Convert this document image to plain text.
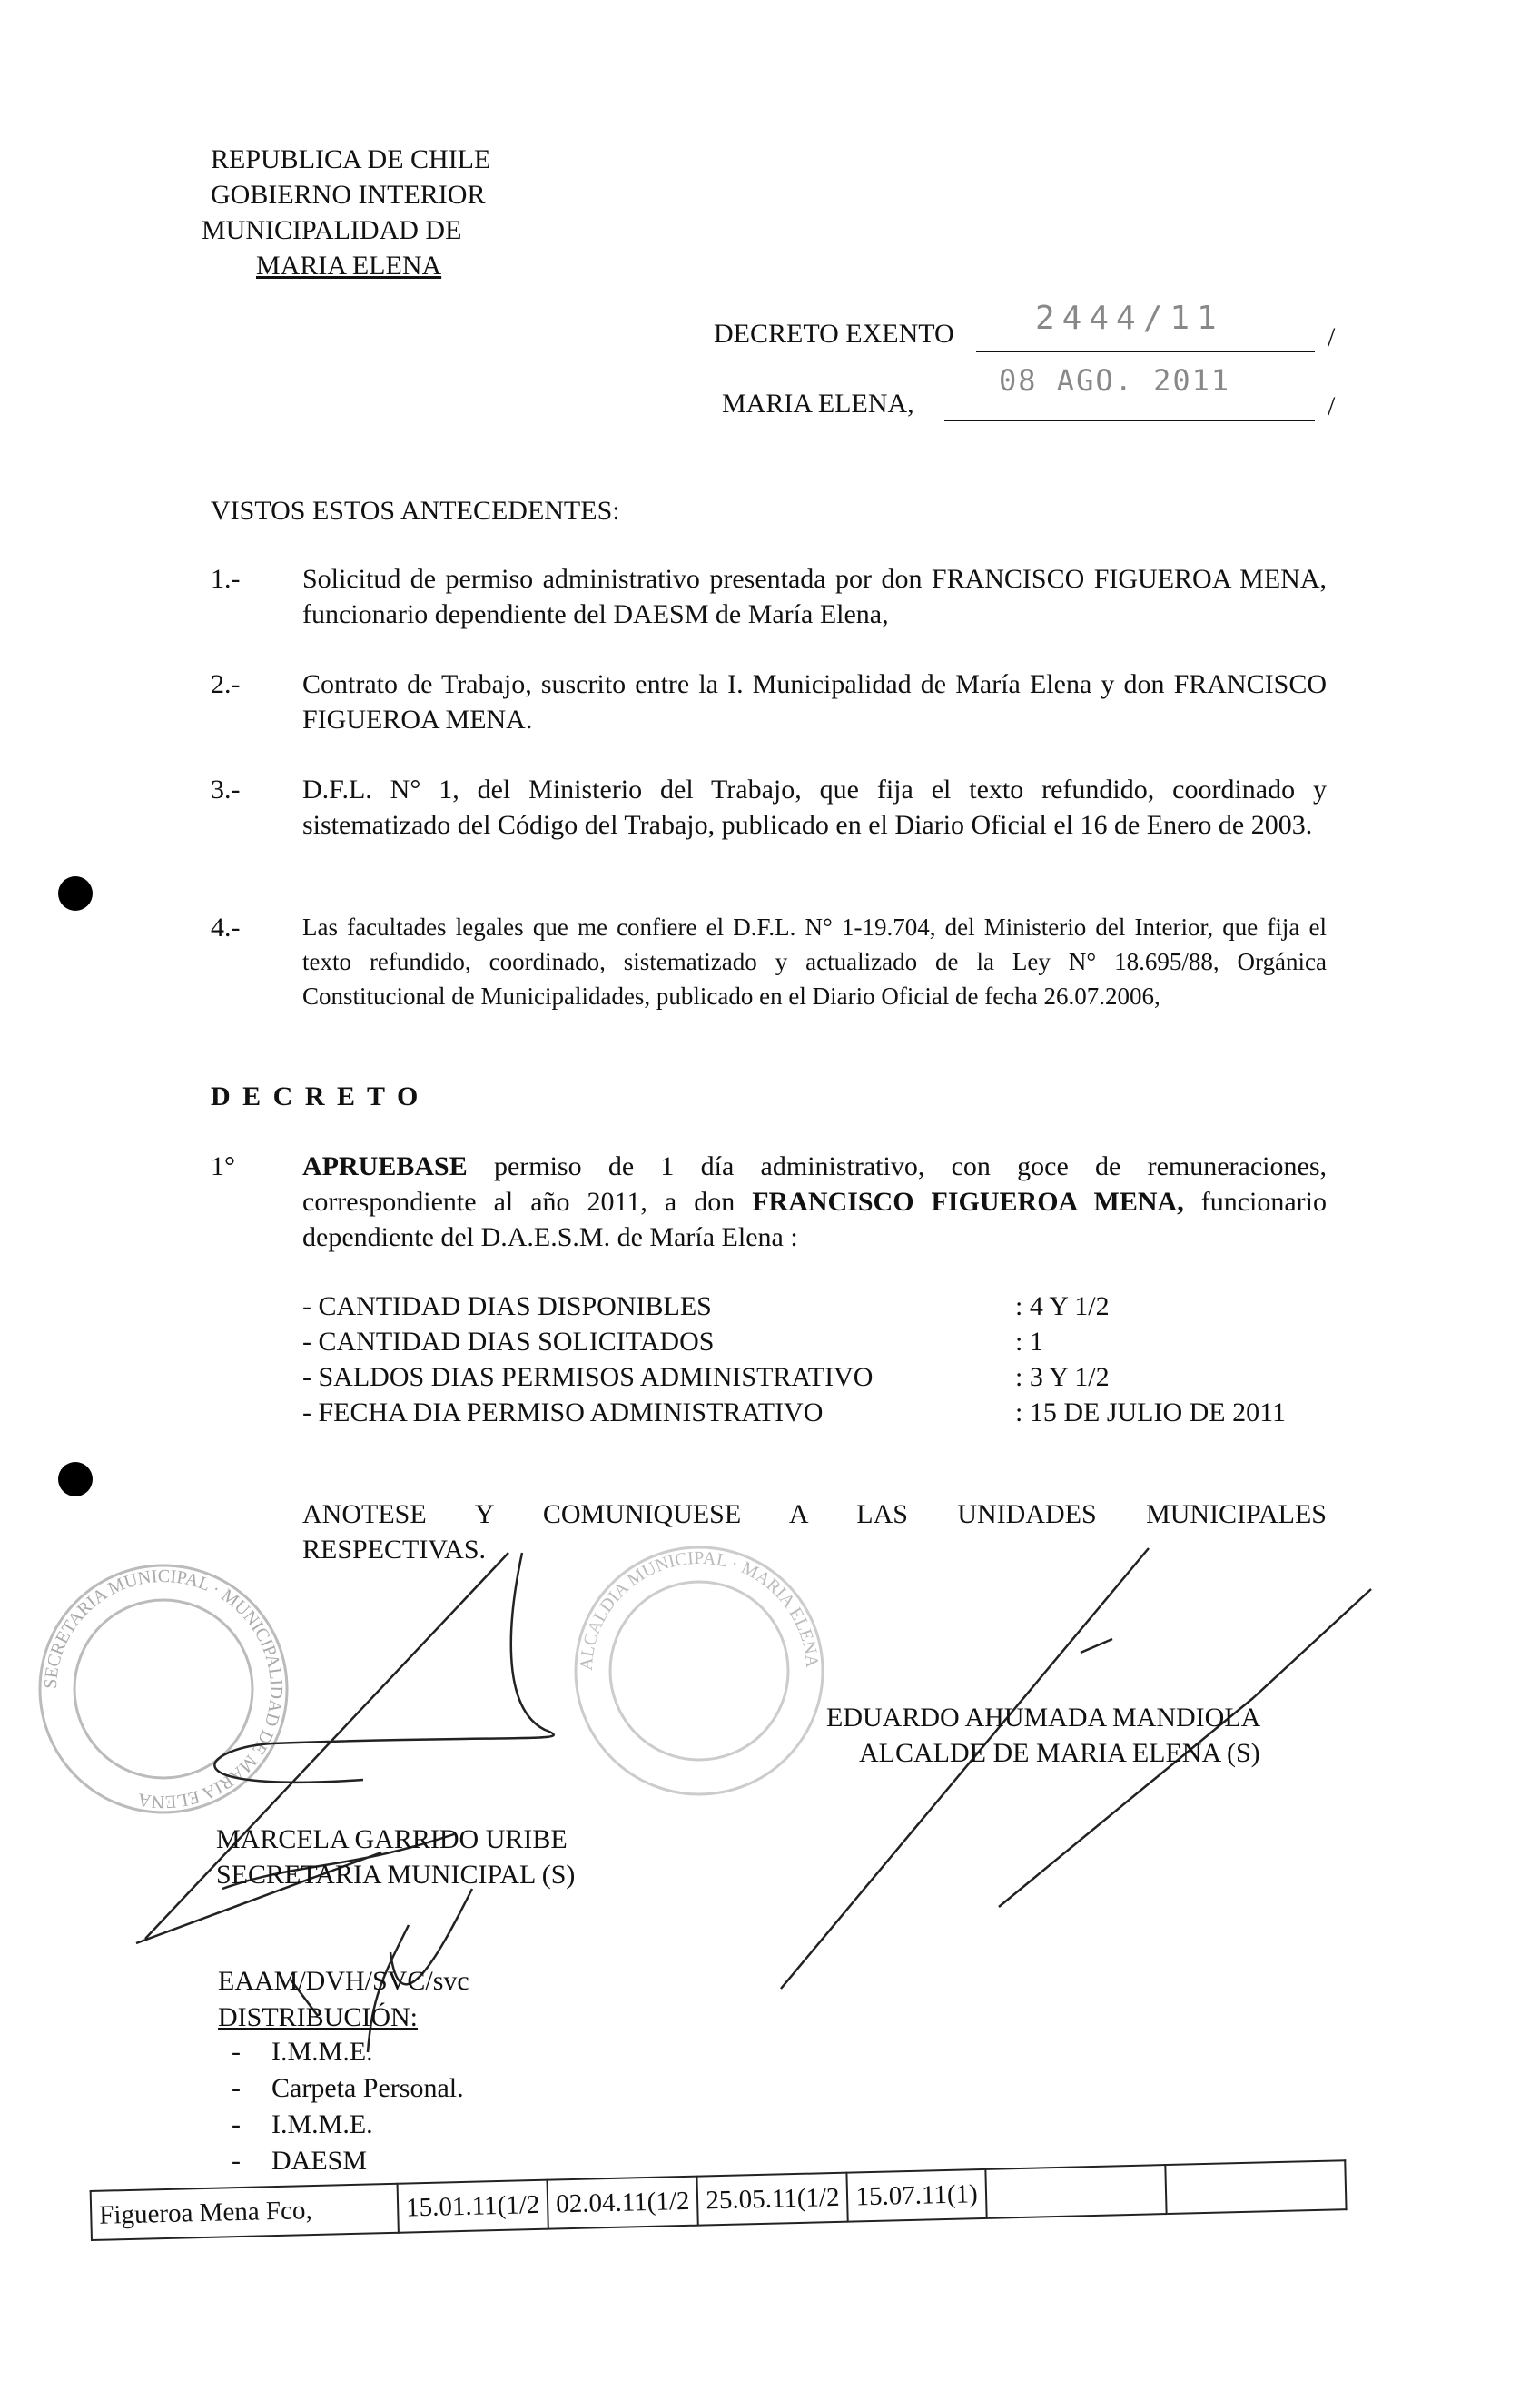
REPUBLICA DE CHILE
GOBIERNO INTERIOR
MUNICIPALIDAD DE
MARIA ELENA
DECRETO EXENTO 2444/11
/
MARIA ELENA,
08 AGO. 2011
/
VISTOS ESTOS ANTECEDENTES:
1.- Solicitud de permiso administrativo presentada por don FRANCISCO FIGUEROA MENA, funcionario dependiente del DAESM de María Elena,
2.- Contrato de Trabajo, suscrito entre la I. Municipalidad de María Elena y don FRANCISCO FIGUEROA MENA.
3.- D.F.L. N° 1, del Ministerio del Trabajo, que fija el texto refundido, coordinado y sistematizado del Código del Trabajo, publicado en el Diario Oficial el 16 de Enero de 2003.
4.-	Las facultades legales que me confiere el D.F.L. N° 1-19.704, del Ministerio del Interior, que fija el texto refundido, coordinado, sistematizado y actualizado de la Ley N° 18.695/88, Orgánica Constitucional de Municipalidades, publicado en el Diario Oficial de fecha 26.07.2006,
D E C R E T O
1° APRUEBASE permiso de 1 día administrativo, con goce de remuneraciones, correspondiente al año 2011, a don FRANCISCO FIGUEROA MENA, funcionario dependiente del D.A.E.S.M. de María Elena :
- CANTIDAD DIAS DISPONIBLES	: 4 Y 1/2
- CANTIDAD DIAS SOLICITADOS	: 1
- SALDOS DIAS PERMISOS ADMINISTRATIVO	: 3 Y 1/2
- FECHA DIA PERMISO ADMINISTRATIVO	: 15 DE JULIO DE 2011
ANOTESE Y COMUNIQUESE A LAS UNIDADES MUNICIPALES RESPECTIVAS.
SECRETARIA MUNICIPAL · MUNICIPALIDAD DE MARIA ELENA
ALCALDIA MUNICIPAL · MARIA ELENA
EDUARDO AHUMADA MANDIOLA
ALCALDE DE MARIA ELENA (S)
MARCELA GARRIDO URIBE
SECRETARIA MUNICIPAL (S)
EAAM/DVH/SVC/svc
DISTRIBUCIÓN:
- I.M.M.E.
- Carpeta Personal.
- I.M.M.E.
- DAESM
Figueroa Mena Fco,	15.01.11(1/2	02.04.11(1/2	25.05.11(1/2	15.07.11(1)		
